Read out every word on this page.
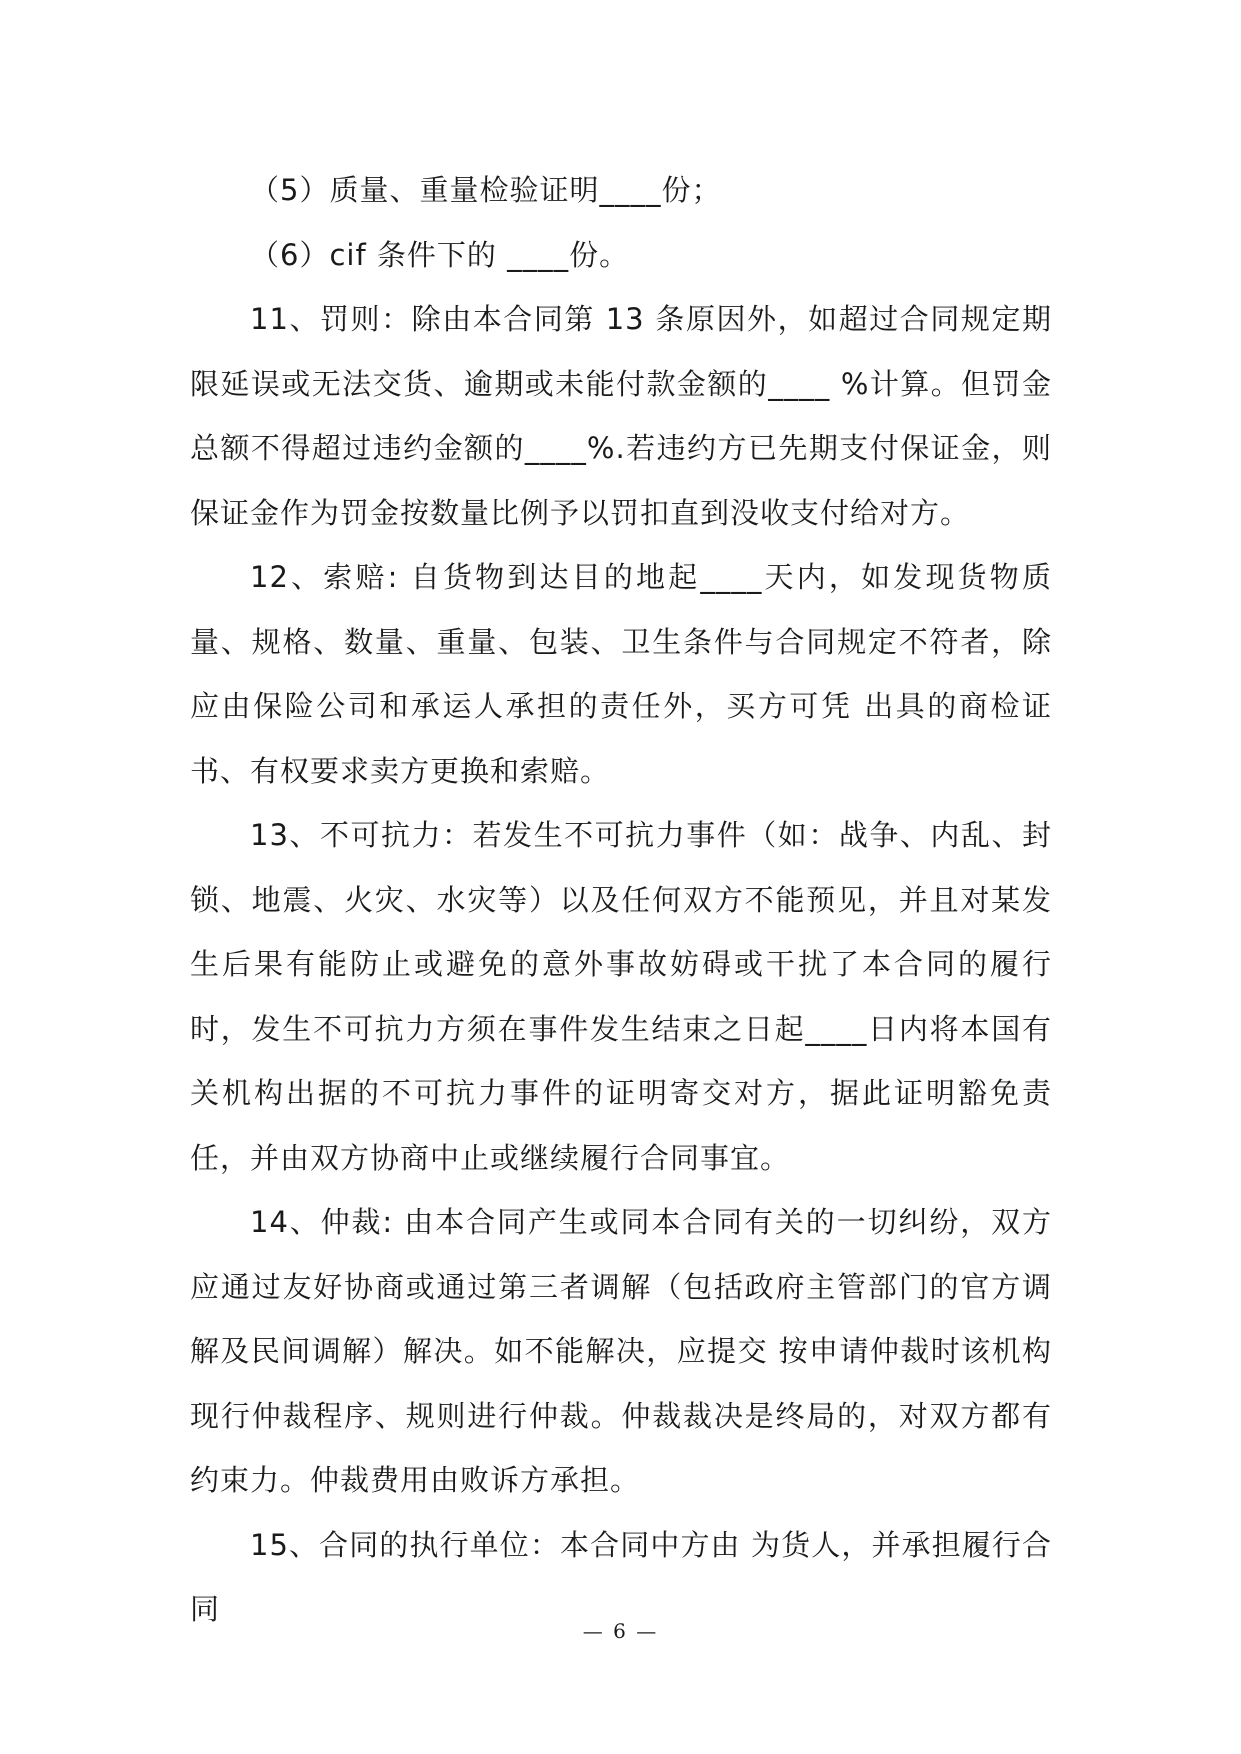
（5）质量、重量检验证明____份；

（6）cif 条件下的 ____份。

11、罚则：除由本合同第 13 条原因外，如超过合同规定期限延误或无法交货、逾期或未能付款金额的____ %计算。但罚金总额不得超过违约金额的____%.若违约方已先期支付保证金，则保证金作为罚金按数量比例予以罚扣直到没收支付给对方。

12、索赔: 自货物到达目的地起____天内，如发现货物质量、规格、数量、重量、包装、卫生条件与合同规定不符者，除应由保险公司和承运人承担的责任外，买方可凭 出具的商检证书、有权要求卖方更换和索赔。

13、不可抗力：若发生不可抗力事件（如：战争、内乱、封锁、地震、火灾、水灾等）以及任何双方不能预见，并且对某发生后果有能防止或避免的意外事故妨碍或干扰了本合同的履行时，发生不可抗力方须在事件发生结束之日起____日内将本国有关机构出据的不可抗力事件的证明寄交对方，据此证明豁免责任，并由双方协商中止或继续履行合同事宜。

14、仲裁: 由本合同产生或同本合同有关的一切纠纷，双方应通过友好协商或通过第三者调解（包括政府主管部门的官方调解及民间调解）解决。如不能解决，应提交 按申请仲裁时该机构现行仲裁程序、规则进行仲裁。仲裁裁决是终局的，对双方都有约束力。仲裁费用由败诉方承担。

15、合同的执行单位：本合同中方由 为货人，并承担履行合同

— 6 —
